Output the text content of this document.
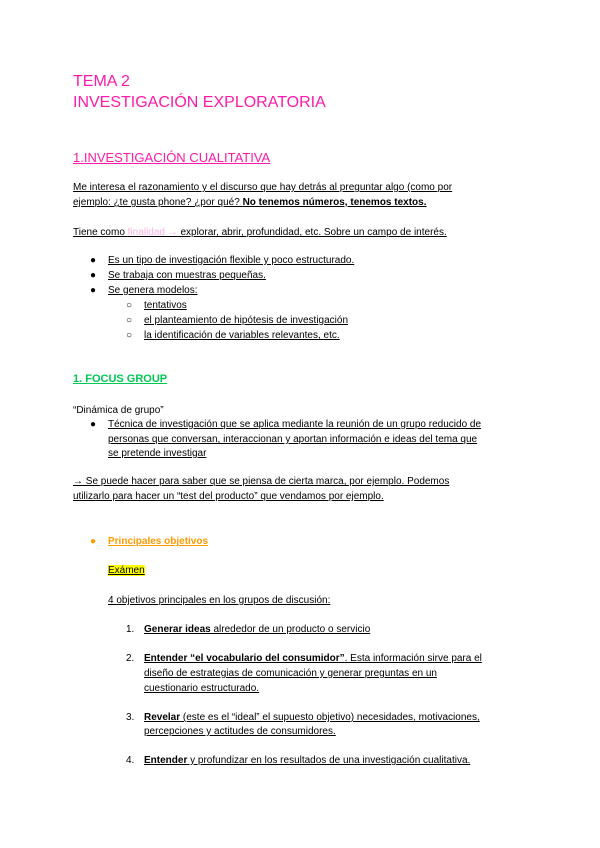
TEMA 2
INVESTIGACIÓN EXPLORATORIA
1.INVESTIGACIÓN CUALITATIVA
Me interesa el razonamiento y el discurso que hay detrás al preguntar algo (como por
ejemplo: ¿te gusta phone? ¿por qué? No tenemos números, tenemos textos.
Tiene como finalidad → explorar, abrir, profundidad, etc. Sobre un campo de interés.
● Es un tipo de investigación flexible y poco estructurado.
● Se trabaja con muestras pequeñas.
● Se genera modelos:
○ tentativos
○ el planteamiento de hipótesis de investigación
○ la identificación de variables relevantes, etc.
1. FOCUS GROUP
“Dinámica de grupo”
● Técnica de investigación que se aplica mediante la reunión de un grupo reducido de
personas que conversan, interaccionan y aportan información e ideas del tema que
se pretende investigar
→ Se puede hacer para saber que se piensa de cierta marca, por ejemplo. Podemos
utilizarlo para hacer un “test del producto” que vendamos por ejemplo.
● Principales objetivos
Exámen
4 objetivos principales en los grupos de discusión:
1. Generar ideas alrededor de un producto o servicio
2. Entender “el vocabulario del consumidor”. Esta información sirve para el
diseño de estrategias de comunicación y generar preguntas en un
cuestionario estructurado.
3. Revelar (este es el “ideal” el supuesto objetivo) necesidades, motivaciones,
percepciones y actitudes de consumidores.
4. Entender y profundizar en los resultados de una investigación cualitativa.
